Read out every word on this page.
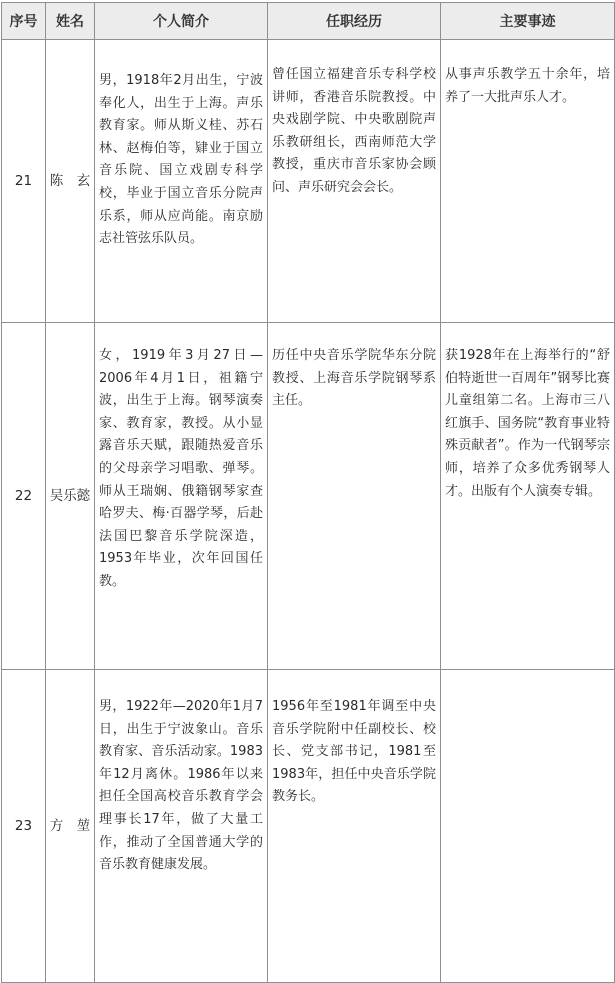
序号	姓名	个人简介	任职经历	主要事迹
21	陈　玄	男，1918年2月出生，宁波奉化人，出生于上海。声乐教育家。师从斯义桂、苏石林、赵梅伯等，肄业于国立音乐院、国立戏剧专科学校，毕业于国立音乐分院声乐系，师从应尚能。南京励志社管弦乐队员。	曾任国立福建音乐专科学校讲师，香港音乐院教授。中央戏剧学院、中央歌剧院声乐教研组长，西南师范大学教授，重庆市音乐家协会顾问、声乐研究会会长。	从事声乐教学五十余年，培养了一大批声乐人才。
22	吴乐懿	女，1919年3月27日—2006年4月1日，祖籍宁波，出生于上海。钢琴演奏家、教育家，教授。从小显露音乐天赋，跟随热爱音乐的父母亲学习唱歌、弹琴。师从王瑞娴、俄籍钢琴家查哈罗夫、梅·百器学琴，后赴法国巴黎音乐学院深造，1953年毕业，次年回国任教。	历任中央音乐学院华东分院教授、上海音乐学院钢琴系主任。	获1928年在上海举行的“舒伯特逝世一百周年”钢琴比赛儿童组第二名。上海市三八红旗手、国务院“教育事业特殊贡献者”。作为一代钢琴宗师，培养了众多优秀钢琴人才。出版有个人演奏专辑。
23	方　堃	男，1922年—2020年1月7日，出生于宁波象山。音乐教育家、音乐活动家。1983年12月离休。1986年以来担任全国高校音乐教育学会理事长17年，做了大量工作，推动了全国普通大学的音乐教育健康发展。	1956年至1981年调至中央音乐学院附中任副校长、校长、党支部书记，1981至1983年，担任中央音乐学院教务长。	
